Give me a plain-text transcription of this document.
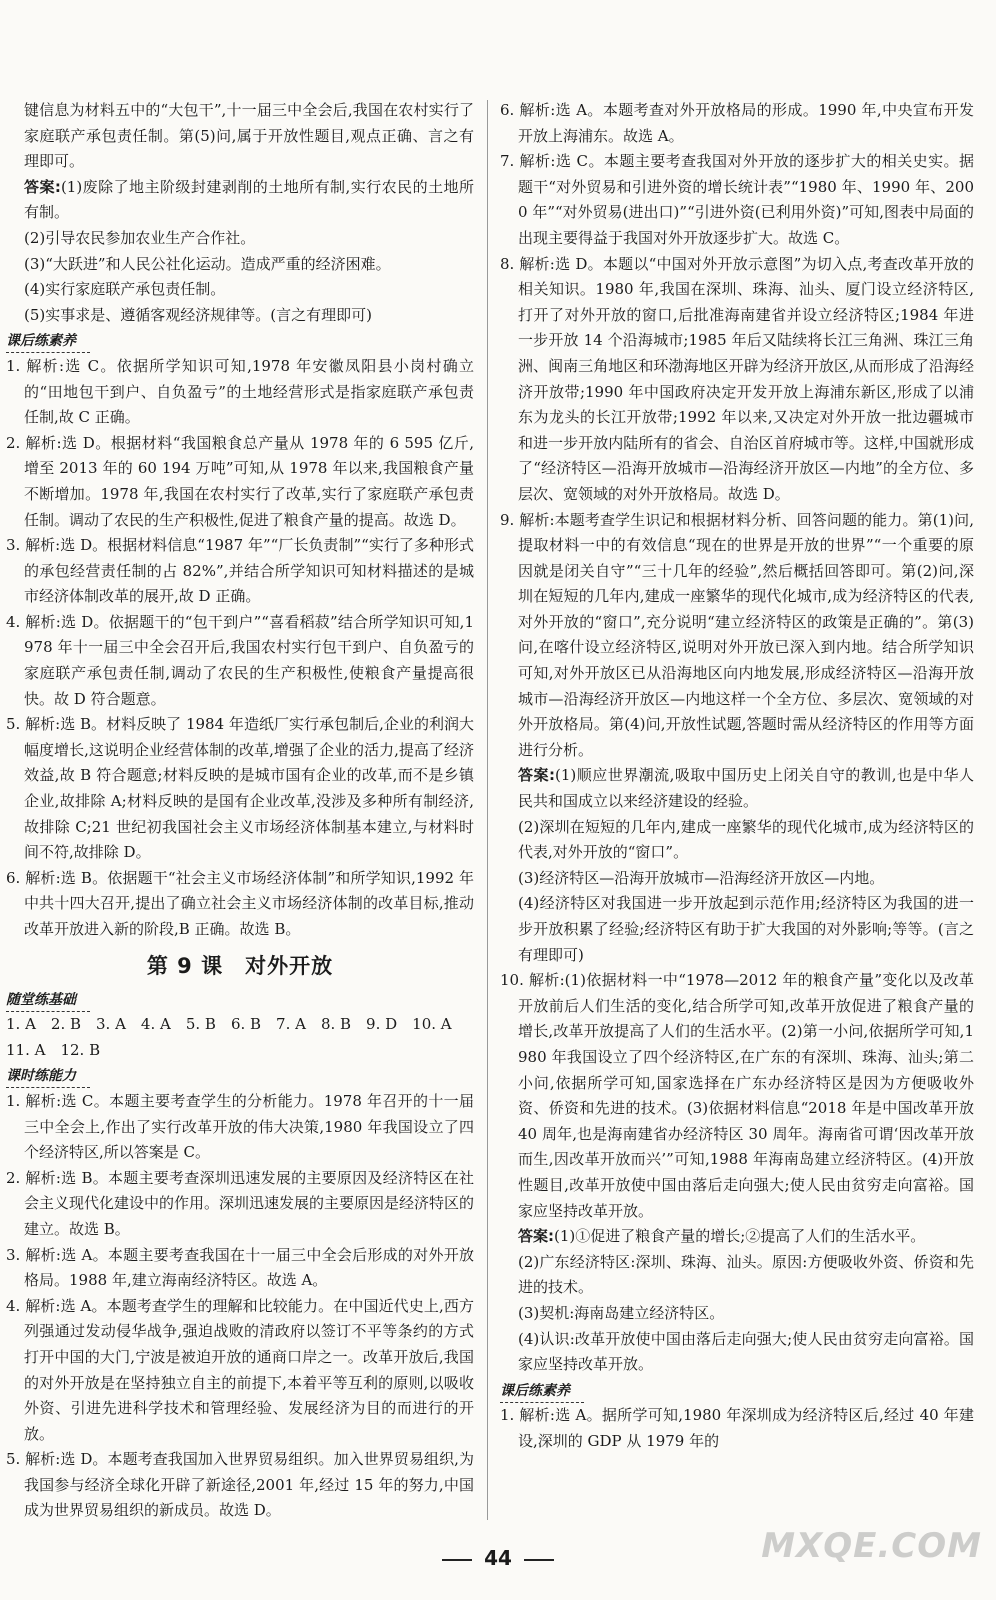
键信息为材料五中的“大包干”,十一届三中全会后,我国在农村实行了家庭联产承包责任制。第(5)问,属于开放性题目,观点正确、言之有理即可。

答案:(1)废除了地主阶级封建剥削的土地所有制,实行农民的土地所有制。

(2)引导农民参加农业生产合作社。

(3)“大跃进”和人民公社化运动。造成严重的经济困难。

(4)实行家庭联产承包责任制。

(5)实事求是、遵循客观经济规律等。(言之有理即可)

课后练素养

1. 解析:选 C。依据所学知识可知,1978 年安徽凤阳县小岗村确立的“田地包干到户、自负盈亏”的土地经营形式是指家庭联产承包责任制,故 C 正确。

2. 解析:选 D。根据材料“我国粮食总产量从 1978 年的 6 595 亿斤,增至 2013 年的 60 194 万吨”可知,从 1978 年以来,我国粮食产量不断增加。1978 年,我国在农村实行了改革,实行了家庭联产承包责任制。调动了农民的生产积极性,促进了粮食产量的提高。故选 D。

3. 解析:选 D。根据材料信息“1987 年”“厂长负责制”“实行了多种形式的承包经营责任制的占 82%”,并结合所学知识可知材料描述的是城市经济体制改革的展开,故 D 正确。

4. 解析:选 D。依据题干的“包干到户”“喜看稻菽”结合所学知识可知,1978 年十一届三中全会召开后,我国农村实行包干到户、自负盈亏的家庭联产承包责任制,调动了农民的生产积极性,使粮食产量提高很快。故 D 符合题意。

5. 解析:选 B。材料反映了 1984 年造纸厂实行承包制后,企业的利润大幅度增长,这说明企业经营体制的改革,增强了企业的活力,提高了经济效益,故 B 符合题意;材料反映的是城市国有企业的改革,而不是乡镇企业,故排除 A;材料反映的是国有企业改革,没涉及多种所有制经济,故排除 C;21 世纪初我国社会主义市场经济体制基本建立,与材料时间不符,故排除 D。

6. 解析:选 B。依据题干“社会主义市场经济体制”和所学知识,1992 年中共十四大召开,提出了确立社会主义市场经济体制的改革目标,推动改革开放进入新的阶段,B 正确。故选 B。

第 9 课　对外开放
随堂练基础

1. A　2. B　3. A　4. A　5. B　6. B　7. A　8. B　9. D　10. A

11. A　12. B

课时练能力

1. 解析:选 C。本题主要考查学生的分析能力。1978 年召开的十一届三中全会上,作出了实行改革开放的伟大决策,1980 年我国设立了四个经济特区,所以答案是 C。

2. 解析:选 B。本题主要考查深圳迅速发展的主要原因及经济特区在社会主义现代化建设中的作用。深圳迅速发展的主要原因是经济特区的建立。故选 B。

3. 解析:选 A。本题主要考查我国在十一届三中全会后形成的对外开放格局。1988 年,建立海南经济特区。故选 A。

4. 解析:选 A。本题考查学生的理解和比较能力。在中国近代史上,西方列强通过发动侵华战争,强迫战败的清政府以签订不平等条约的方式打开中国的大门,宁波是被迫开放的通商口岸之一。改革开放后,我国的对外开放是在坚持独立自主的前提下,本着平等互利的原则,以吸收外资、引进先进科学技术和管理经验、发展经济为目的而进行的开放。

5. 解析:选 D。本题考查我国加入世界贸易组织。加入世界贸易组织,为我国参与经济全球化开辟了新途径,2001 年,经过 15 年的努力,中国成为世界贸易组织的新成员。故选 D。

6. 解析:选 A。本题考查对外开放格局的形成。1990 年,中央宣布开发开放上海浦东。故选 A。

7. 解析:选 C。本题主要考查我国对外开放的逐步扩大的相关史实。据题干“对外贸易和引进外资的增长统计表”“1980 年、1990 年、2000 年”“对外贸易(进出口)”“引进外资(已利用外资)”可知,图表中局面的出现主要得益于我国对外开放逐步扩大。故选 C。

8. 解析:选 D。本题以“中国对外开放示意图”为切入点,考查改革开放的相关知识。1980 年,我国在深圳、珠海、汕头、厦门设立经济特区,打开了对外开放的窗口,后批准海南建省并设立经济特区;1984 年进一步开放 14 个沿海城市;1985 年后又陆续将长江三角洲、珠江三角洲、闽南三角地区和环渤海地区开辟为经济开放区,从而形成了沿海经济开放带;1990 年中国政府决定开发开放上海浦东新区,形成了以浦东为龙头的长江开放带;1992 年以来,又决定对外开放一批边疆城市和进一步开放内陆所有的省会、自治区首府城市等。这样,中国就形成了“经济特区—沿海开放城市—沿海经济开放区—内地”的全方位、多层次、宽领域的对外开放格局。故选 D。

9. 解析:本题考查学生识记和根据材料分析、回答问题的能力。第(1)问,提取材料一中的有效信息“现在的世界是开放的世界”“一个重要的原因就是闭关自守”“三十几年的经验”,然后概括回答即可。第(2)问,深圳在短短的几年内,建成一座繁华的现代化城市,成为经济特区的代表,对外开放的“窗口”,充分说明“建立经济特区的政策是正确的”。第(3)问,在喀什设立经济特区,说明对外开放已深入到内地。结合所学知识可知,对外开放区已从沿海地区向内地发展,形成经济特区—沿海开放城市—沿海经济开放区—内地这样一个全方位、多层次、宽领域的对外开放格局。第(4)问,开放性试题,答题时需从经济特区的作用等方面进行分析。

答案:(1)顺应世界潮流,吸取中国历史上闭关自守的教训,也是中华人民共和国成立以来经济建设的经验。

(2)深圳在短短的几年内,建成一座繁华的现代化城市,成为经济特区的代表,对外开放的“窗口”。

(3)经济特区—沿海开放城市—沿海经济开放区—内地。

(4)经济特区对我国进一步开放起到示范作用;经济特区为我国的进一步开放积累了经验;经济特区有助于扩大我国的对外影响;等等。(言之有理即可)

10. 解析:(1)依据材料一中“1978—2012 年的粮食产量”变化以及改革开放前后人们生活的变化,结合所学可知,改革开放促进了粮食产量的增长,改革开放提高了人们的生活水平。(2)第一小问,依据所学可知,1980 年我国设立了四个经济特区,在广东的有深圳、珠海、汕头;第二小问,依据所学可知,国家选择在广东办经济特区是因为方便吸收外资、侨资和先进的技术。(3)依据材料信息“2018 年是中国改革开放 40 周年,也是海南建省办经济特区 30 周年。海南省可谓‘因改革开放而生,因改革开放而兴’”可知,1988 年海南岛建立经济特区。(4)开放性题目,改革开放使中国由落后走向强大;使人民由贫穷走向富裕。国家应坚持改革开放。

答案:(1)①促进了粮食产量的增长;②提高了人们的生活水平。

(2)广东经济特区:深圳、珠海、汕头。原因:方便吸收外资、侨资和先进的技术。

(3)契机:海南岛建立经济特区。

(4)认识:改革开放使中国由落后走向强大;使人民由贫穷走向富裕。国家应坚持改革开放。

课后练素养

1. 解析:选 A。据所学可知,1980 年深圳成为经济特区后,经过 40 年建设,深圳的 GDP 从 1979 年的

44	MXQE.COM
